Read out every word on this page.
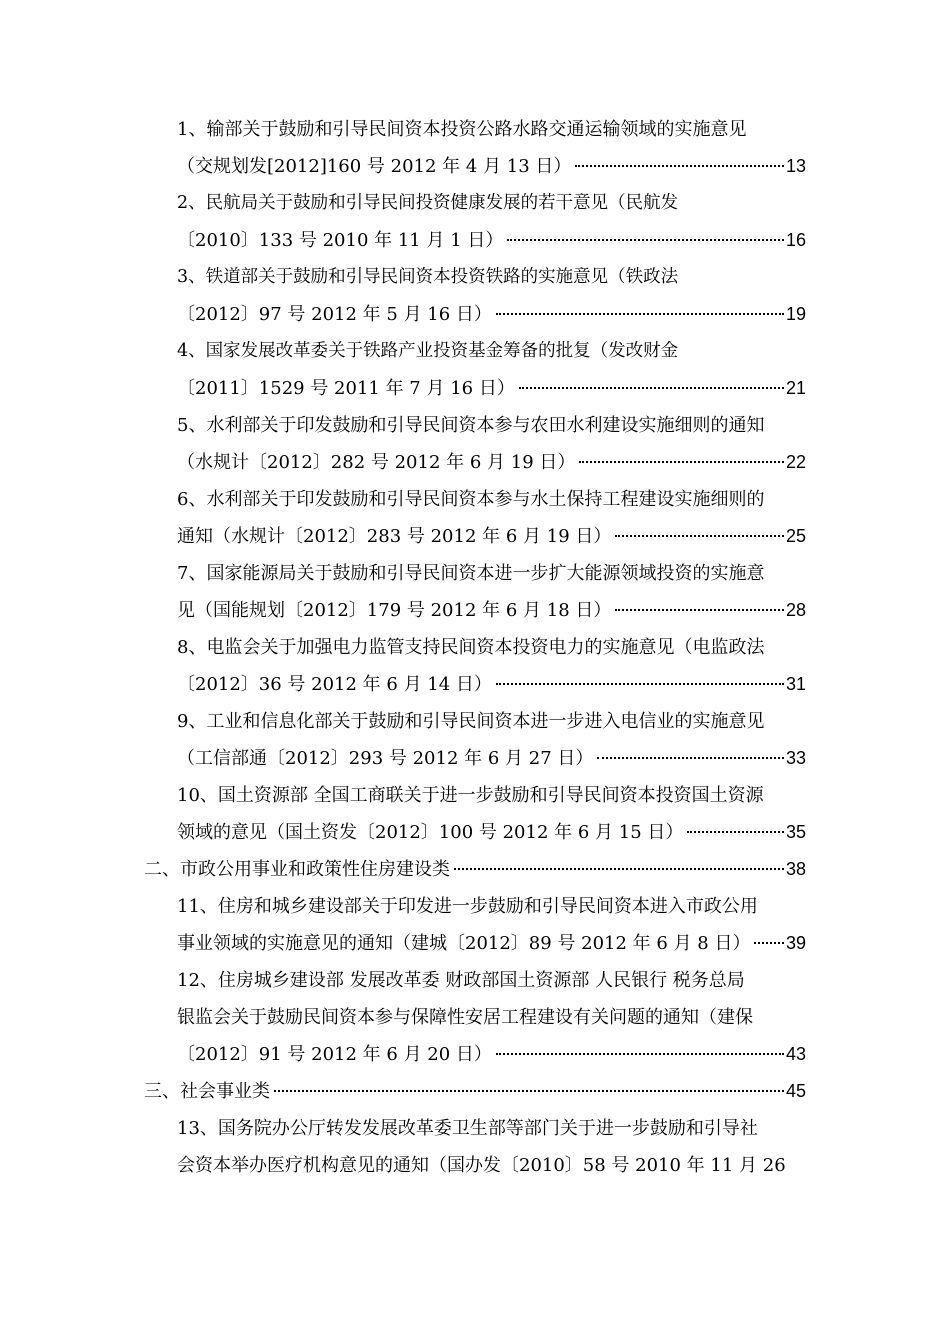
1、输部关于鼓励和引导民间资本投资公路水路交通运输领域的实施意见
（交规划发[2012]160 号 2012 年 4 月 13 日）	13
2、民航局关于鼓励和引导民间投资健康发展的若干意见（民航发
〔2010〕133 号 2010 年 11 月 1 日）	16
3、铁道部关于鼓励和引导民间资本投资铁路的实施意见（铁政法
〔2012〕97 号 2012 年 5 月 16 日）	19
4、国家发展改革委关于铁路产业投资基金筹备的批复（发改财金
〔2011〕1529 号 2011 年 7 月 16 日）	21
5、水利部关于印发鼓励和引导民间资本参与农田水利建设实施细则的通知
（水规计〔2012〕282 号 2012 年 6 月 19 日）	22
6、水利部关于印发鼓励和引导民间资本参与水土保持工程建设实施细则的
通知（水规计〔2012〕283 号 2012 年 6 月 19 日）	25
7、国家能源局关于鼓励和引导民间资本进一步扩大能源领域投资的实施意
见（国能规划〔2012〕179 号 2012 年 6 月 18 日）	28
8、电监会关于加强电力监管支持民间资本投资电力的实施意见（电监政法
〔2012〕36 号 2012 年 6 月 14 日）	31
9、工业和信息化部关于鼓励和引导民间资本进一步进入电信业的实施意见
（工信部通〔2012〕293 号 2012 年 6 月 27 日）	33
10、国土资源部 全国工商联关于进一步鼓励和引导民间资本投资国土资源
领域的意见（国土资发〔2012〕100 号 2012 年 6 月 15 日）	35
二、市政公用事业和政策性住房建设类	38
11、住房和城乡建设部关于印发进一步鼓励和引导民间资本进入市政公用
事业领域的实施意见的通知（建城〔2012〕89 号 2012 年 6 月 8 日） 39
12、住房城乡建设部 发展改革委 财政部国土资源部 人民银行 税务总局
银监会关于鼓励民间资本参与保障性安居工程建设有关问题的通知（建保
〔2012〕91 号 2012 年 6 月 20 日）	43
三、社会事业类	45
13、国务院办公厅转发发展改革委卫生部等部门关于进一步鼓励和引导社
会资本举办医疗机构意见的通知（国办发〔2010〕58 号 2010 年 11 月 26
